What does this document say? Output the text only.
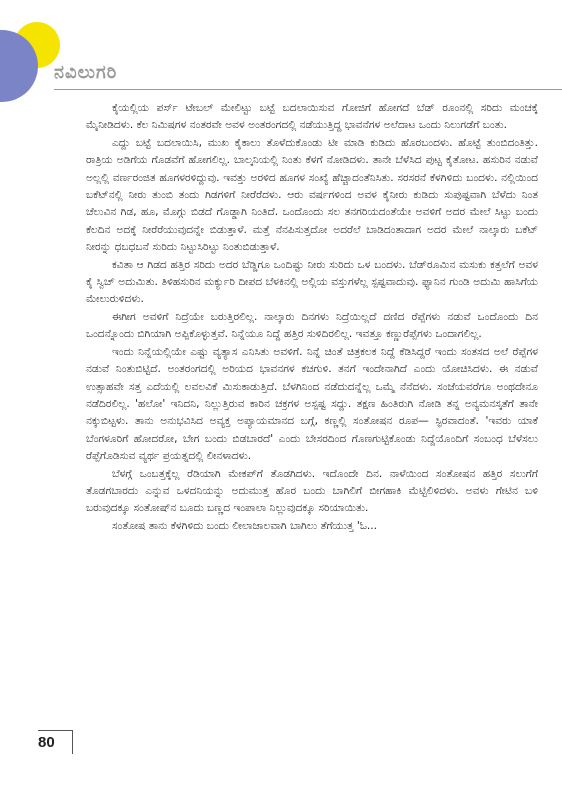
ನವಿಲುಗರಿ

ಕೈಯಲ್ಲಿಯ ಪರ್ಸ್ ಟೇಬಲ್ ಮೇಲಿಟ್ಟು ಬಟ್ಟೆ ಬದಲಾಯಿಸುವ ಗೋಜಿಗೆ ಹೋಗದೆ ಬೆಡ್ ರೂಂನಲ್ಲಿ ಸರಿದು ಮಂಚಕ್ಕೆ ಮೈನೀಡಿದಳು. ಕೆಲ ನಿಮಿಷಗಳ ನಂತರವೇ ಅವಳ ಅಂತರಂಗದಲ್ಲಿ ನಡೆಯುತ್ತಿದ್ದ ಭಾವನೆಗಳ ಅಲೆದಾಟ ಒಂದು ನಿಲುಗಡೆಗೆ ಬಂತು.

ಎದ್ದು ಬಟ್ಟೆ ಬದಲಾಯಿಸಿ, ಮುಖ ಕೈಕಾಲು ತೊಳೆದುಕೊಂಡು ಟೀ ಮಾಡಿ ಕುಡಿದು ಹೊರಬಂದಳು. ಹೊಟ್ಟೆ ತುಂಬಿದಂತಿತ್ತು. ರಾತ್ರಿಯ ಅಡಿಗೆಯ ಗೊಡವೆಗೆ ಹೋಗಲಿಲ್ಲ. ಬಾಲ್ಕನಿಯಲ್ಲಿ ನಿಂತು ಕೆಳಗೆ ನೋಡಿದಳು. ತಾನೇ ಬೆಳೆಸಿದ ಪುಟ್ಟ ಕೈತೋಟ. ಹಸುರಿನ ನಡುವೆ ಅಲ್ಲಲ್ಲಿ ವರ್ಣರಂಜಿತ ಹೂಗಳರಳಿದ್ದುವು. ಇವತ್ತು ಅರಳಿದ ಹೂಗಳ ಸಂಖ್ಯೆ ಹೆಚ್ಚಾದಂತೆನಿಸಿತು. ಸರಸರನೆ ಕೆಳಗಿಳಿದು ಬಂದಳು. ನಲ್ಲಿಯಿಂದ ಬಕೆಟ್‌ನಲ್ಲಿ ನೀರು ತುಂಬಿ ತಂದು ಗಿಡಗಳಿಗೆ ನೀರೆರೆದಳು. ಆರು ವರ್ಷಗಳಿಂದ ಅವಳ ಕೈನೀರು ಕುಡಿದು ಸುಪುಷ್ಟವಾಗಿ ಬೆಳೆದು ನಿಂತ ಚೆಲುವಿನ ಗಿಡ, ಹೂ, ಮೊಗ್ಗು ಬಿಡದೆ ಗೊಡ್ಡಾಗಿ ನಿಂತಿದೆ. ಒಂದೊಂದು ಸಲ ತನಗರಿಯದಂತೆಯೇ ಅವಳಿಗೆ ಅದರ ಮೇಲೆ ಸಿಟ್ಟು ಬಂದು ಕೆಲದಿನ ಅದಕ್ಕೆ ನೀರೆರೆಯುವುದನ್ನೇ ಬಿಡುತ್ತಾಳೆ. ಮತ್ತೆ ನೆನಪಿಸುತ್ತದೋ ಅದರೆಲೆ ಬಾಡಿದಂತಾದಾಗ ಅದರ ಮೇಲೆ ನಾಲ್ಕಾರು ಬಕೆಟ್ ನೀರನ್ನು ಧಬಧಬನೆ ಸುರಿದು ನಿಟ್ಟುಸಿರಿಟ್ಟು ನಿಂತುಬಿಡುತ್ತಾಳೆ.

ಕವಿತಾ ಆ ಗಿಡದ ಹತ್ತಿರ ಸರಿದು ಅದರ ಬೆಡ್ಡಿಗೂ ಒಂದಿಷ್ಟು ನೀರು ಸುರಿದು ಒಳ ಬಂದಳು. ಬೆಡ್‌ರೂಮಿನ ಮಸುಕು ಕತ್ತಲೆಗೆ ಅವಳ ಕೈ ಸ್ವಿಚ್ ಅದುಮಿತು. ತಿಳಿಹಸುರಿನ ಮರ್ಕ್ಯುರಿ ದೀಪದ ಬೆಳಕಿನಲ್ಲಿ ಅಲ್ಲಿಯ ವಸ್ತುಗಳೆಲ್ಲ ಸ್ಪಷ್ಟವಾದುವು. ಫ್ಯಾನಿನ ಗುಂಡಿ ಅದುಮಿ ಹಾಸಿಗೆಯ ಮೇಲುರುಳಿದಳು.

ಈಗೀಗ ಅವಳಿಗೆ ನಿದ್ರೆಯೇ ಬರುತ್ತಿರಲಿಲ್ಲ. ನಾಲ್ಕಾರು ದಿನಗಳು ನಿದ್ರೆಯಿಲ್ಲದೆ ದಣಿದ ರೆಪ್ಪೆಗಳು ನಡುವೆ ಒಂದೊಂದು ದಿನ ಒಂದನ್ನೊಂದು ಬಿಗಿಯಾಗಿ ಅಪ್ಪಿಕೊಳ್ಳುತ್ತವೆ. ನಿನ್ನೆಯೂ ನಿದ್ದೆ ಹತ್ತಿರ ಸುಳಿದಿರಲಿಲ್ಲ. ಇವತ್ತೂ ಕಣ್ಣುರೆಪ್ಪೆಗಳು ಒಂದಾಗಲಿಲ್ಲ.

ಇಂದು ನಿನ್ನೆಯಲ್ಲಿಯೇ ಎಷ್ಟು ವ್ಯತ್ಯಾಸ ಎನಿಸಿತು ಅವಳಿಗೆ. ನಿನ್ನೆ ಚಿಂತೆ ಚಿತ್ರಕಲಕ ನಿದ್ದೆ ಕೆಡಿಸಿದ್ದರೆ ಇಂದು ಸಂತಸದ ಅಲೆ ರೆಪ್ಪೆಗಳ ನಡುವೆ ನಿಂತುಬಿಟ್ಟಿದೆ. ಅಂತರಂಗದಲ್ಲಿ ಅರಿಯದ ಭಾವನಗಳ ಕಚಗುಳಿ. ತನಗೆ ಇಂದೇನಾಗಿದೆ ಎಂದು ಯೋಚಿಸಿದಳು. ಈ ನಡುವೆ ಉತ್ಸಾಹವೇ ಸತ್ತ ಎದೆಯಲ್ಲಿ ಲವಲವಿಕೆ ಮಿಸುಕಾಡುತ್ತಿದೆ. ಬೆಳಗಿನಿಂದ ನಡೆದುದನ್ನೆಲ್ಲ ಒಮ್ಮೆ ನೆನೆದಳು. ಸಂಜೆಯವರೆಗೂ ಅಂಥದೇನೂ ನಡೆದಿರಲಿಲ್ಲ. 'ಹಲೋ' ಇನಿದನಿ, ನಿಲ್ಲುತ್ತಿರುವ ಕಾರಿನ ಚಕ್ರಗಳ ಅಸ್ಪಷ್ಟ ಸದ್ದು. ತಕ್ಷಣ ಹಿಂತಿರುಗಿ ನೋಡಿ ತನ್ನ ಅನ್ಯಮನಸ್ಕತೆಗೆ ತಾನೇ ನಕ್ಕುಬಿಟ್ಟಳು. ತಾನು ಅನುಭವಿಸಿದ ಅವ್ಯಕ್ತ ಅಪ್ಯಾಯಮಾನದ ಬಗ್ಗೆ, ಕಣ್ಣಲ್ಲಿ ಸಂತೋಷನ ರೂಪ— ಸ್ಫಿರವಾದಂತೆ. 'ಇವರು ಯಾಕೆ ಬೆಂಗಳೂರಿಗೆ ಹೋದರೋ, ಬೇಗ ಬಂದು ಬಿಡಬಾರದೆ' ಎಂದು ಬೇಸರದಿಂದ ಗೊಣಗುಟ್ಟಿಕೊಂಡು ನಿದ್ದೆಯೊಂದಿಗೆ ಸಂಬಂಧ ಬೆಳೆಸಲು ರೆಪ್ಪೆಗೊಡಿಸುವ ವ್ಯರ್ಥ ಪ್ರಯತ್ನದಲ್ಲಿ ಲೀನಳಾದಳು.

ಬೆಳಗ್ಗೆ ಒಂಬತ್ತಕ್ಕೆಲ್ಲ ರೆಡಿಯಾಗಿ ಮೇಕಪ್‌ಗೆ ತೊಡಗಿದಳು. ಇದೊಂದೇ ದಿನ. ನಾಳೆಯಿಂದ ಸಂತೋಷನ ಹತ್ತಿರ ಸಲುಗೆಗೆ ತೊಡಗಬಾರದು ಎನ್ನುವ ಒಳದನಿಯನ್ನು ಅದುಮುತ್ತ ಹೊರ ಬಂದು ಬಾಗಿಲಿಗೆ ಬೀಗಹಾಕಿ ಮೆಟ್ಟಿಲಿಳಿದಳು. ಅವಳು ಗೇಟಿನ ಬಳಿ ಬರುವುದಕ್ಕೂ ಸಂತೋಷ್‌ನ ಬೂದು ಬಣ್ಣದ ಇಂಪಾಲಾ ನಿಲ್ಲುವುದಕ್ಕೂ ಸರಿಯಾಯಿತು.

ಸಂತೋಷ ತಾನು ಕೆಳಗಿಳಿದು ಬಂದು ಲೀಲಾಜಾಲವಾಗಿ ಬಾಗಿಲು ತೆಗೆಯುತ್ತ 'ಓ...

80
